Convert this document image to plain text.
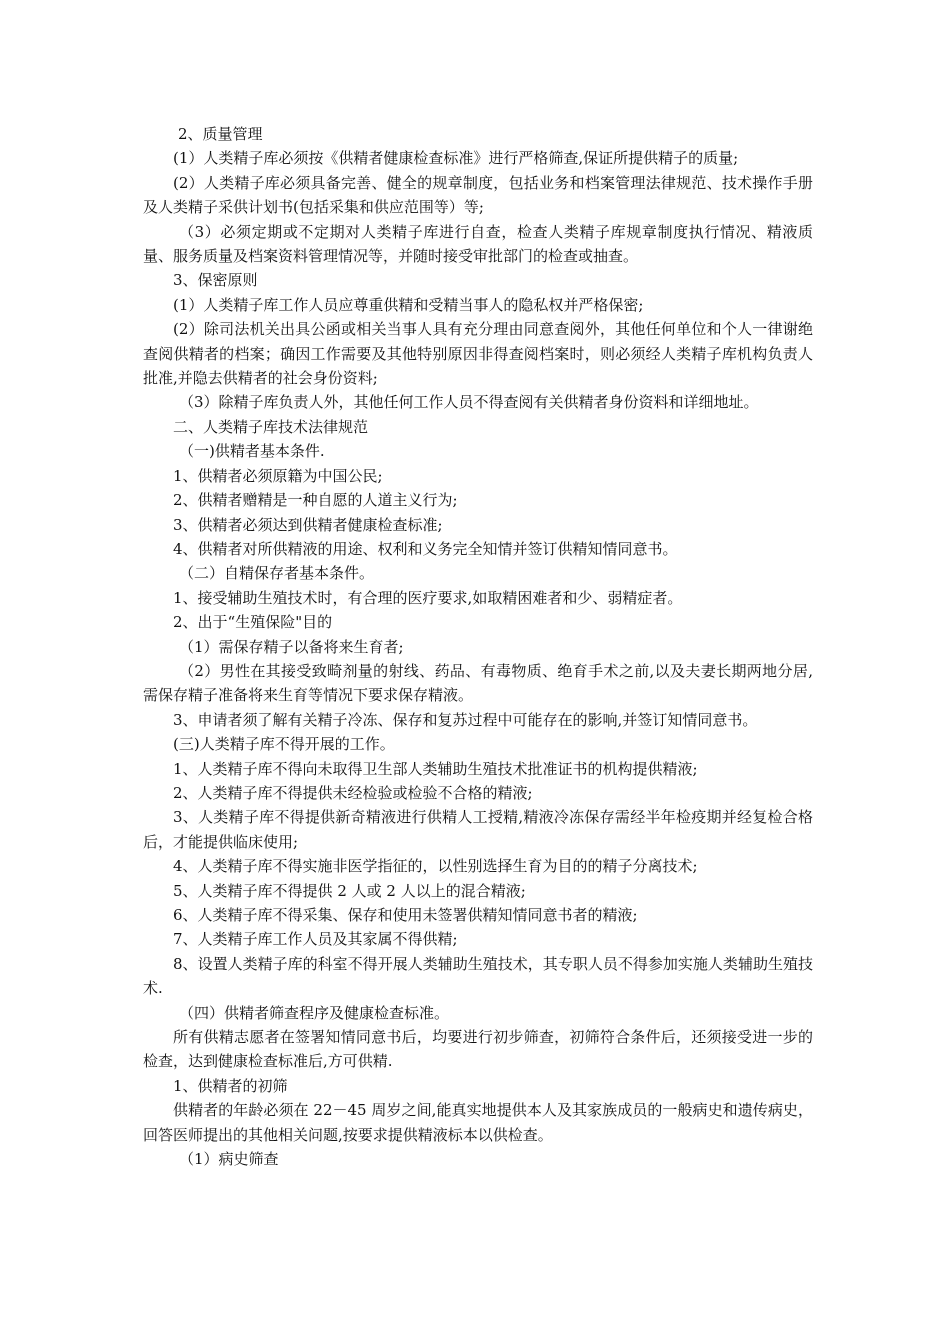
2、质量管理

(1）人类精子库必须按《供精者健康检查标准》进行严格筛查,保证所提供精子的质量;

(2）人类精子库必须具备完善、健全的规章制度，包括业务和档案管理法律规范、技术操作手册及人类精子采供计划书(包括采集和供应范围等）等;

（3）必须定期或不定期对人类精子库进行自查，检查人类精子库规章制度执行情况、精液质量、服务质量及档案资料管理情况等，并随时接受审批部门的检查或抽查。

3、保密原则

(1）人类精子库工作人员应尊重供精和受精当事人的隐私权并严格保密;

(2）除司法机关出具公函或相关当事人具有充分理由同意查阅外，其他任何单位和个人一律谢绝查阅供精者的档案；确因工作需要及其他特别原因非得查阅档案时，则必须经人类精子库机构负责人批准,并隐去供精者的社会身份资料;

（3）除精子库负责人外，其他任何工作人员不得查阅有关供精者身份资料和详细地址。

二、人类精子库技术法律规范

（一)供精者基本条件.

1、供精者必须原籍为中国公民;

2、供精者赠精是一种自愿的人道主义行为;

3、供精者必须达到供精者健康检查标准;

4、供精者对所供精液的用途、权利和义务完全知情并签订供精知情同意书。

（二）自精保存者基本条件。

1、接受辅助生殖技术时，有合理的医疗要求,如取精困难者和少、弱精症者。

2、出于“生殖保险"目的

（1）需保存精子以备将来生育者;

（2）男性在其接受致畸剂量的射线、药品、有毒物质、绝育手术之前,以及夫妻长期两地分居,需保存精子准备将来生育等情况下要求保存精液。

3、申请者须了解有关精子冷冻、保存和复苏过程中可能存在的影响,并签订知情同意书。

(三)人类精子库不得开展的工作。

1、人类精子库不得向未取得卫生部人类辅助生殖技术批准证书的机构提供精液;

2、人类精子库不得提供未经检验或检验不合格的精液;

3、人类精子库不得提供新奇精液进行供精人工授精,精液冷冻保存需经半年检疫期并经复检合格后，才能提供临床使用;

4、人类精子库不得实施非医学指征的，以性别选择生育为目的的精子分离技术;

5、人类精子库不得提供 2 人或 2 人以上的混合精液;

6、人类精子库不得采集、保存和使用未签署供精知情同意书者的精液;

7、人类精子库工作人员及其家属不得供精;

8、设置人类精子库的科室不得开展人类辅助生殖技术，其专职人员不得参加实施人类辅助生殖技术.

（四）供精者筛查程序及健康检查标准。

所有供精志愿者在签署知情同意书后，均要进行初步筛查，初筛符合条件后，还须接受进一步的检查，达到健康检查标准后,方可供精.

1、供精者的初筛

供精者的年龄必须在 22－45 周岁之间,能真实地提供本人及其家族成员的一般病史和遗传病史，回答医师提出的其他相关问题,按要求提供精液标本以供检查。

（1）病史筛查
